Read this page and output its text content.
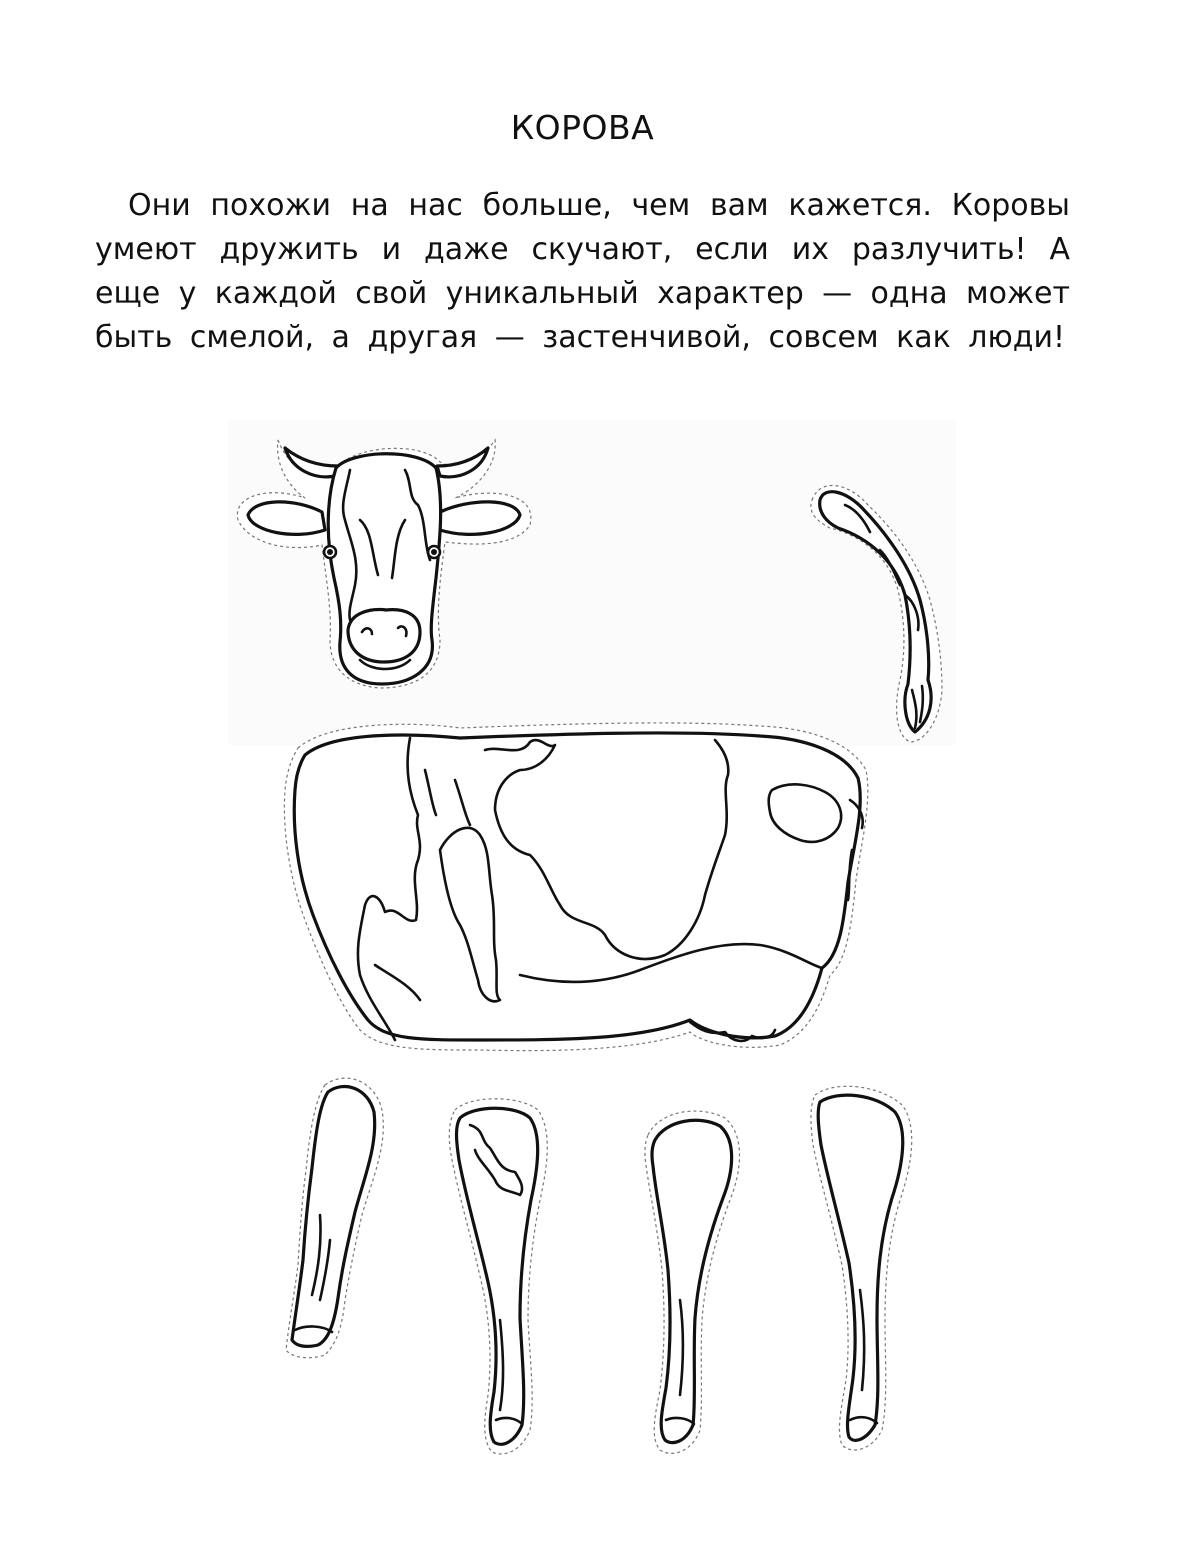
КОРОВА

Они похожи на нас больше, чем вам кажется. Коровы умеют дружить и даже скучают, если их разлучить! А еще у каждой свой уникальный характер — одна может быть смелой, а другая — застенчивой, совсем как люди!
